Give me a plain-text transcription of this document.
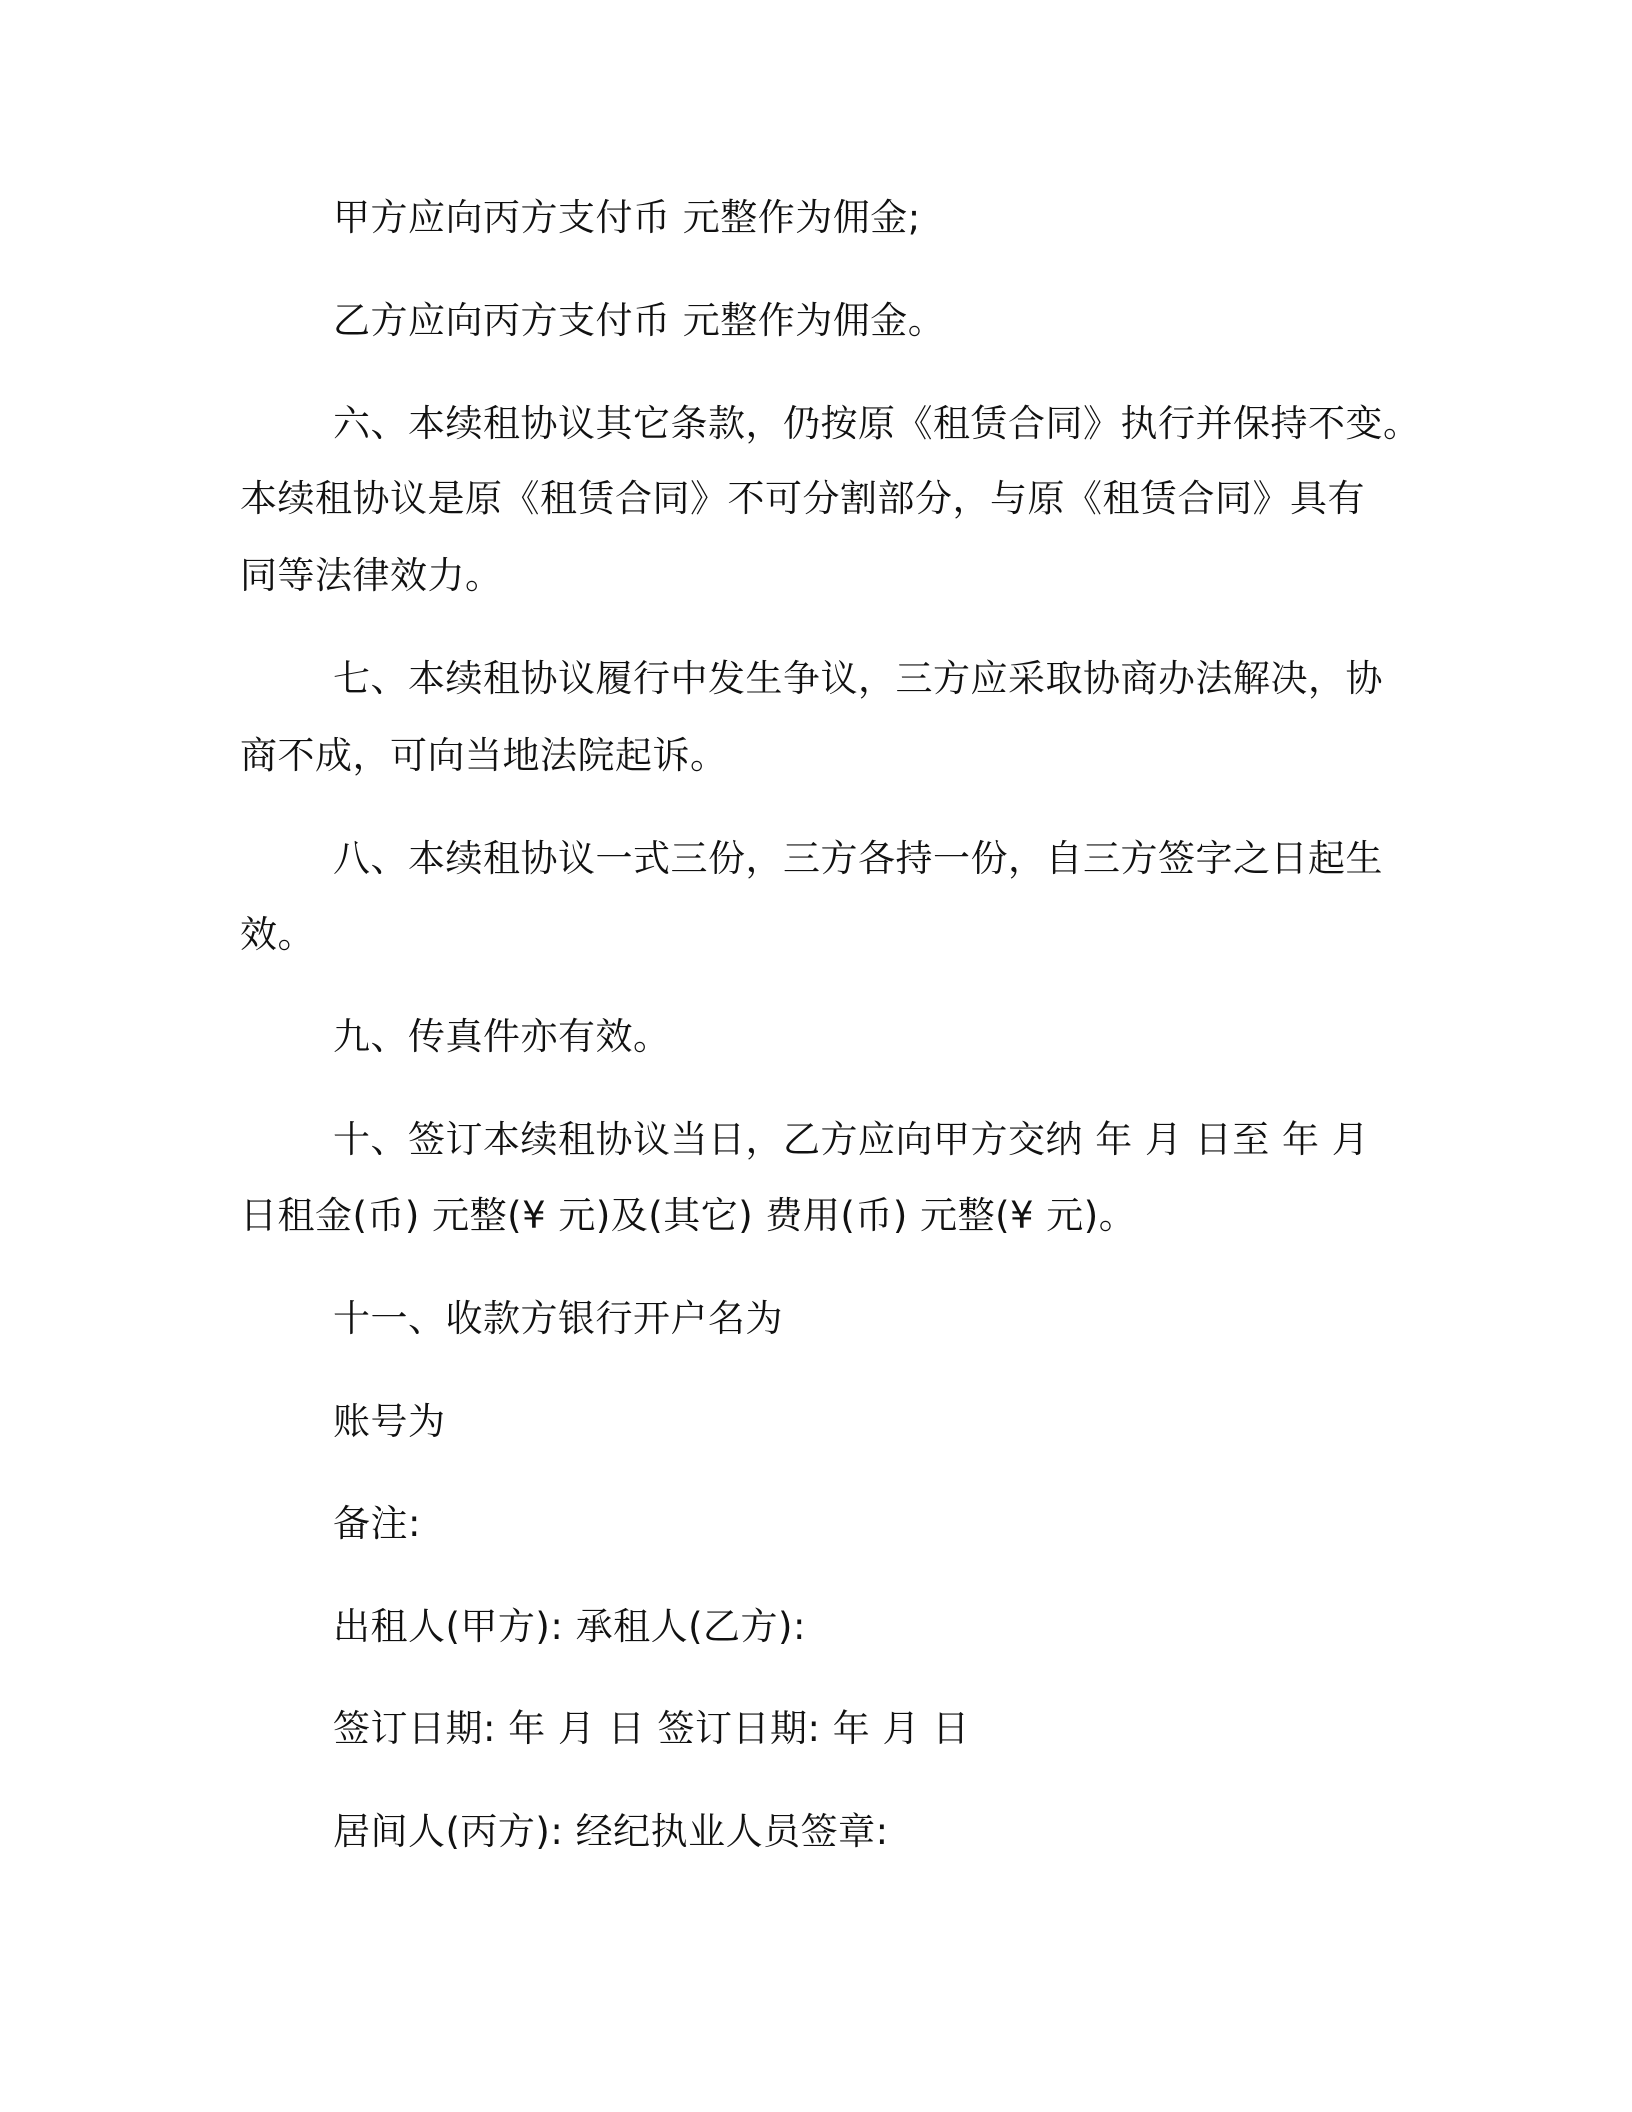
甲方应向丙方支付币 元整作为佣金;
乙方应向丙方支付币 元整作为佣金。
六、本续租协议其它条款，仍按原《租赁合同》执行并保持不变。
本续租协议是原《租赁合同》不可分割部分，与原《租赁合同》具有
同等法律效力。
七、本续租协议履行中发生争议，三方应采取协商办法解决，协
商不成，可向当地法院起诉。
八、本续租协议一式三份，三方各持一份，自三方签字之日起生
效。
九、传真件亦有效。
十、签订本续租协议当日，乙方应向甲方交纳 年 月 日至 年 月
日租金(币) 元整(¥ 元)及(其它) 费用(币) 元整(¥ 元)。
十一、收款方银行开户名为
账号为
备注:
出租人(甲方): 承租人(乙方):
签订日期: 年 月 日 签订日期: 年 月 日
居间人(丙方): 经纪执业人员签章:
